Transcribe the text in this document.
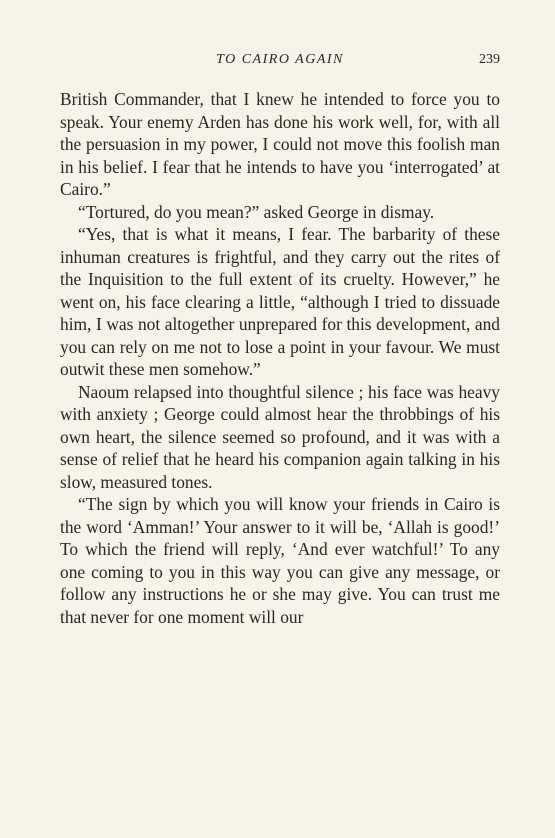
TO CAIRO AGAIN	239

British Commander, that I knew he intended to force you to speak. Your enemy Arden has done his work well, for, with all the persuasion in my power, I could not move this foolish man in his belief. I fear that he intends to have you ‘interrogated’ at Cairo.”

“Tortured, do you mean?” asked George in dismay.

“Yes, that is what it means, I fear. The barbarity of these inhuman creatures is frightful, and they carry out the rites of the Inquisition to the full extent of its cruelty. However,” he went on, his face clearing a little, “although I tried to dissuade him, I was not altogether unprepared for this development, and you can rely on me not to lose a point in your favour. We must outwit these men somehow.”

Naoum relapsed into thoughtful silence ; his face was heavy with anxiety ; George could almost hear the throbbings of his own heart, the silence seemed so profound, and it was with a sense of relief that he heard his companion again talking in his slow, measured tones.

“The sign by which you will know your friends in Cairo is the word ‘Amman!’ Your answer to it will be, ‘Allah is good!’ To which the friend will reply, ‘And ever watchful!’ To any one coming to you in this way you can give any message, or follow any instructions he or she may give. You can trust me that never for one moment will our
